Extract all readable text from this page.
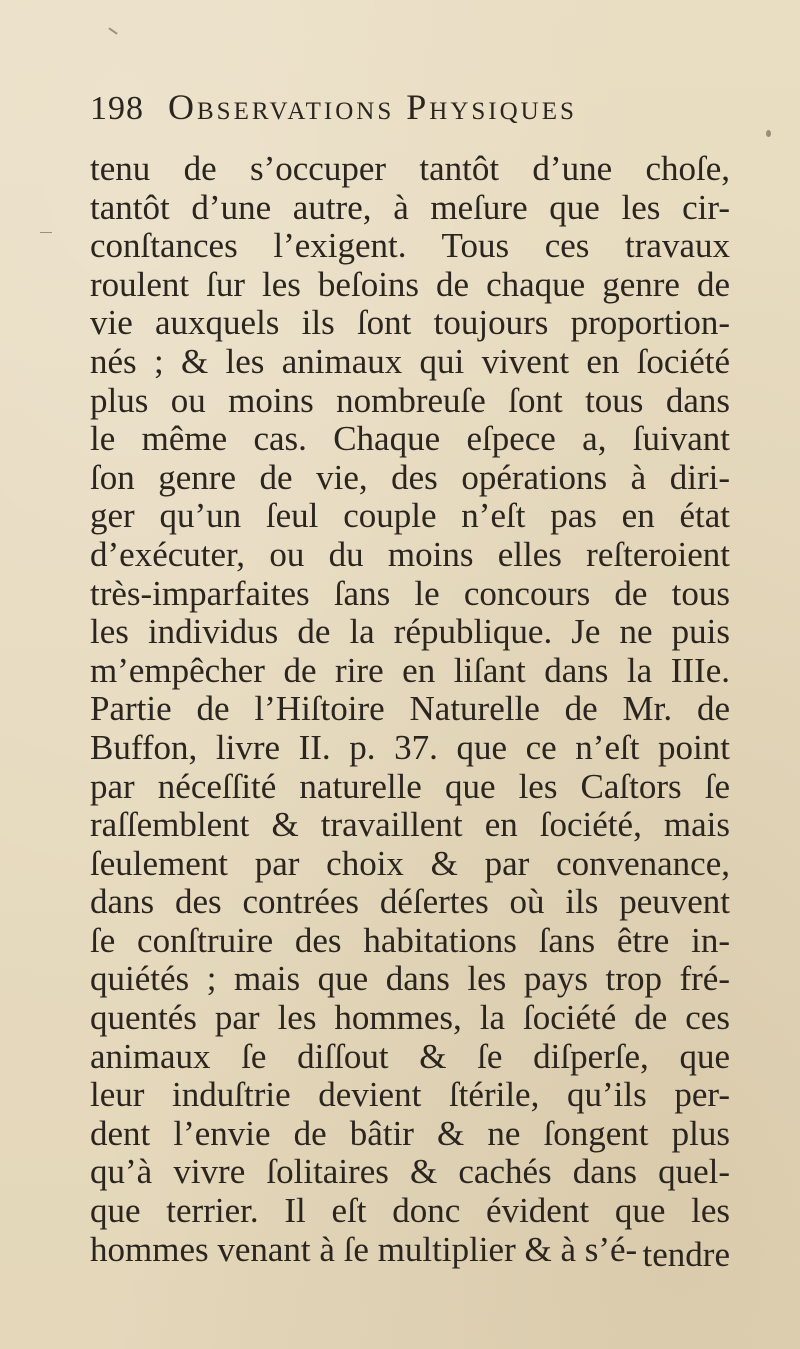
198 Observations Physiques
tenu de s’occuper tantôt d’une choſe,
tantôt d’une autre, à meſure que les cir-
conſtances l’exigent. Tous ces travaux
roulent ſur les beſoins de chaque genre de
vie auxquels ils ſont toujours proportion-
nés ; & les animaux qui vivent en ſociété
plus ou moins nombreuſe ſont tous dans
le même cas. Chaque eſpece a, ſuivant
ſon genre de vie, des opérations à diri-
ger qu’un ſeul couple n’eſt pas en état
d’exécuter, ou du moins elles reſteroient
très-imparfaites ſans le concours de tous
les individus de la république. Je ne puis
m’empêcher de rire en liſant dans la IIIe.
Partie de l’Hiſtoire Naturelle de Mr. de
Buffon, livre II. p. 37. que ce n’eſt point
par néceſſité naturelle que les Caſtors ſe
raſſemblent & travaillent en ſociété, mais
ſeulement par choix & par convenance,
dans des contrées déſertes où ils peuvent
ſe conſtruire des habitations ſans être in-
quiétés ; mais que dans les pays trop fré-
quentés par les hommes, la ſociété de ces
animaux ſe diſſout & ſe diſperſe, que
leur induſtrie devient ſtérile, qu’ils per-
dent l’envie de bâtir & ne ſongent plus
qu’à vivre ſolitaires & cachés dans quel-
que terrier. Il eſt donc évident que les
hommes venant à ſe multiplier & à s’é- tendre
